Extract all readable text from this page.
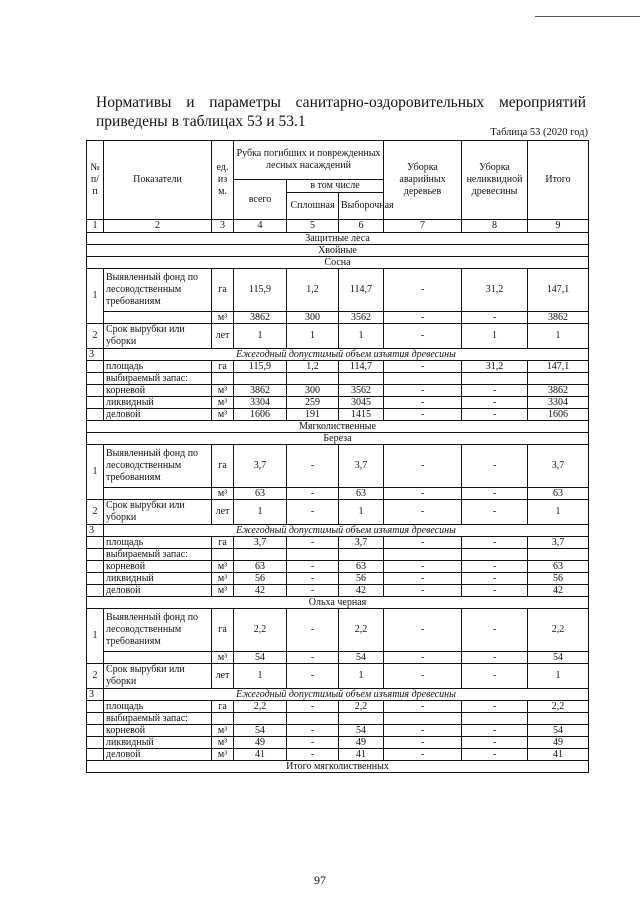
Нормативы и параметры санитарно-оздоровительных мероприятий приведены в таблицах 53 и 53.1
Таблица 53 (2020 год)
№ п/ п	Показатели	ед. из м.	Рубка погибших и поврежденных лесных насаждений			Уборка аварийных деревьев	Уборка неликвидной древесины	Итого
			всего	в том числе				
				Сплошная	Выборочная			
1	2	3	4	5	6	7	8	9
Защитные леса								
Хвойные								
Сосна								
1	Выявленный фонд по лесоводственным требованиям	га	115,9	1,2	114,7	-	31,2	147,1
		м³	3862	300	3562	-	-	3862
2	Срок вырубки или уборки	лет	1	1	1	-	1	1
3	Ежегодный допустимый объем изъятия древесины							
	площадь	га	115,9	1,2	114,7	-	31,2	147,1
	выбираемый запас:							
	корневой	м³	3862	300	3562	-	-	3862
	ликвидный	м³	3304	259	3045	-	-	3304
	деловой	м³	1606	191	1415	-	-	1606
Мягколиственные								
Береза								
1	Выявленный фонд по лесоводственным требованиям	га	3,7	-	3,7	-	-	3,7
		м³	63	-	63	-	-	63
2	Срок вырубки или уборки	лет	1	-	1	-	-	1
3	Ежегодный допустимый объем изъятия древесины							
	площадь	га	3,7	-	3,7	-	-	3,7
	выбираемый запас:							
	корневой	м³	63	-	63	-	-	63
	ликвидный	м³	56	-	56	-	-	56
	деловой	м³	42	-	42	-	-	42
Ольха черная								
1	Выявленный фонд по лесоводственным требованиям	га	2,2	-	2,2	-	-	2,2
		м³	54	-	54	-	-	54
2	Срок вырубки или уборки	лет	1	-	1	-	-	1
3	Ежегодный допустимый объем изъятия древесины							
	площадь	га	2,2	-	2,2	-	-	2,2
	выбираемый запас:							
	корневой	м³	54	-	54	-	-	54
	ликвидный	м³	49	-	49	-	-	49
	деловой	м³	41	-	41	-	-	41
Итого мягколиственных								
97
